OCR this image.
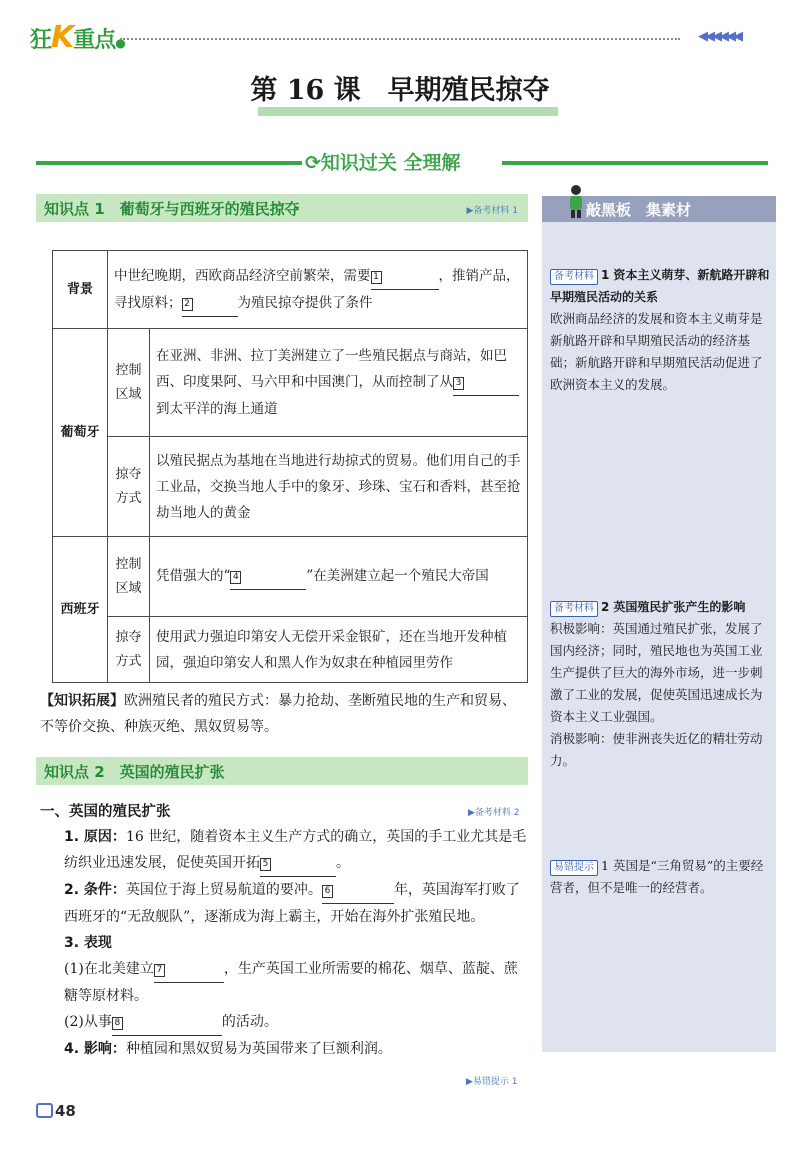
狂K重点●	◀◀◀◀◀◀
第 16 课　早期殖民掠夺
⟳知识过关 全理解
知识点 1　葡萄牙与西班牙的殖民掠夺	▶备考材料 1
背景	中世纪晚期，西欧商品经济空前繁荣，需要 1 ，推销产品，寻找原料； 2 为殖民掠夺提供了条件	
葡萄牙	控制区域	在亚洲、非洲、拉丁美洲建立了一些殖民据点与商站，如巴西、印度果阿、马六甲和中国澳门，从而控制了从 3
到太平洋的海上通道
	掠夺方式	以殖民据点为基地在当地进行劫掠式的贸易。他们用自己的手工业品，交换当地人手中的象牙、珍珠、宝石和香料，甚至抢劫当地人的黄金
西班牙	控制区域	凭借强大的“ 4 ”在美洲建立起一个殖民大帝国
	掠夺方式	使用武力强迫印第安人无偿开采金银矿，还在当地开发种植园，强迫印第安人和黑人作为奴隶在种植园里劳作
【知识拓展】欧洲殖民者的殖民方式：暴力抢劫、垄断殖民地的生产和贸易、不等价交换、种族灭绝、黑奴贸易等。
知识点 2　英国的殖民扩张
一、英国的殖民扩张	▶备考材料 2
1. 原因：16 世纪，随着资本主义生产方式的确立，英国的手工业尤其是毛纺织业迅速发展，促使英国开拓 5	。
2. 条件：英国位于海上贸易航道的要冲。 6	年，英国海军打败了西班牙的“无敌舰队”，逐渐成为海上霸主，开始在海外扩张殖民地。
3. 表现
(1)在北美建立 7	，生产英国工业所需要的棉花、烟草、蓝靛、蔗糖等原材料。
(2)从事 8	的活动。
4. 影响：种植园和黑奴贸易为英国带来了巨额利润。
▶易错提示 1
48
敲黑板　集素材
备考材料 1 资本主义萌芽、新航路开辟和早期殖民活动的关系
欧洲商品经济的发展和资本主义萌芽是新航路开辟和早期殖民活动的经济基础；新航路开辟和早期殖民活动促进了欧洲资本主义的发展。
备考材料 2 英国殖民扩张产生的影响
积极影响：英国通过殖民扩张，发展了国内经济；同时，殖民地也为英国工业生产提供了巨大的海外市场，进一步刺激了工业的发展，促使英国迅速成长为资本主义工业强国。
消极影响：使非洲丧失近亿的精壮劳动力。
易错提示 1 英国是“三角贸易”的主要经营者，但不是唯一的经营者。
